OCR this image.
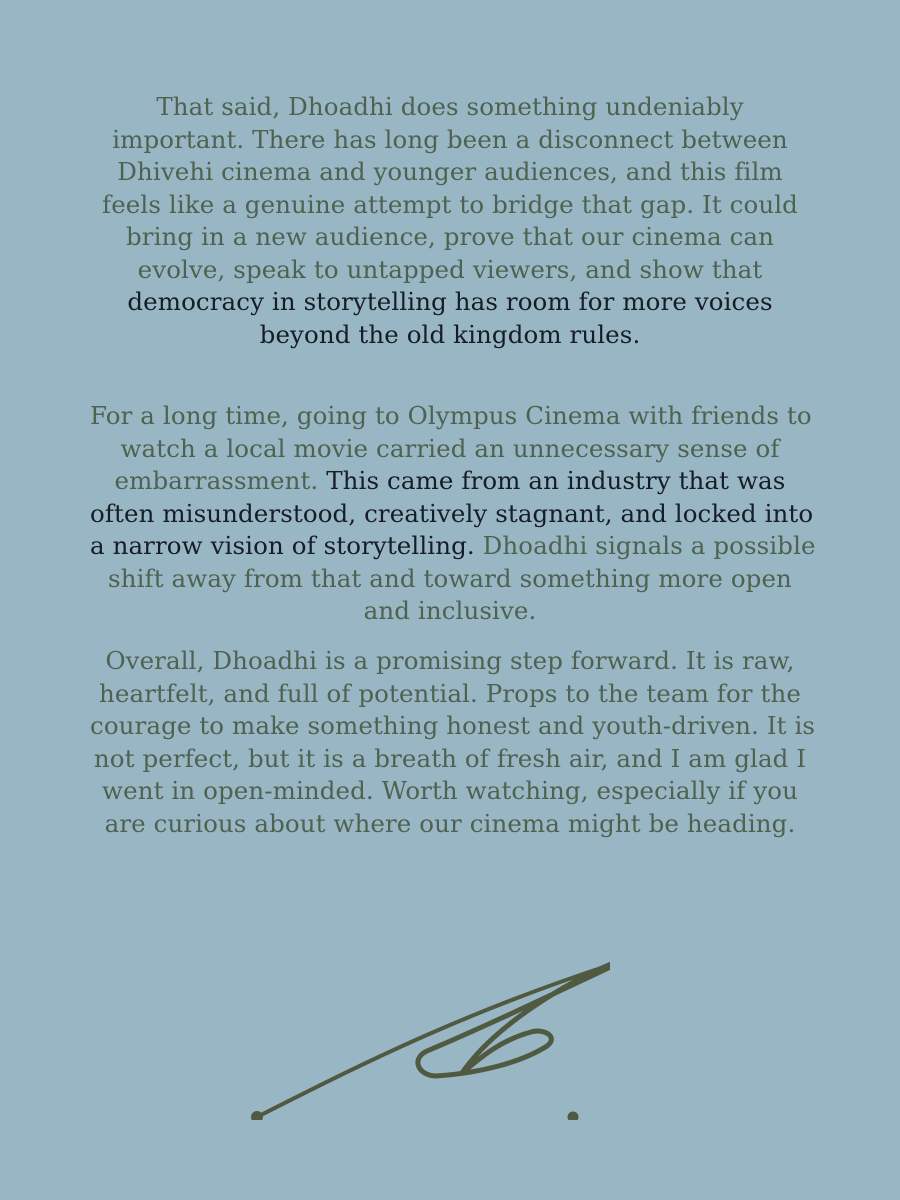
That said, Dhoadhi does something undeniably
important. There has long been a disconnect between
Dhivehi cinema and younger audiences, and this film
feels like a genuine attempt to bridge that gap. It could
bring in a new audience, prove that our cinema can
evolve, speak to untapped viewers, and show that
democracy in storytelling has room for more voices
beyond the old kingdom rules.

For a long time, going to Olympus Cinema with friends to
watch a local movie carried an unnecessary sense of
embarrassment. This came from an industry that was
often misunderstood, creatively stagnant, and locked into
a narrow vision of storytelling. Dhoadhi signals a possible
shift away from that and toward something more open
and inclusive.

Overall, Dhoadhi is a promising step forward. It is raw,
heartfelt, and full of potential. Props to the team for the
courage to make something honest and youth-driven. It is
not perfect, but it is a breath of fresh air, and I am glad I
went in open-minded. Worth watching, especially if you
are curious about where our cinema might be heading.
